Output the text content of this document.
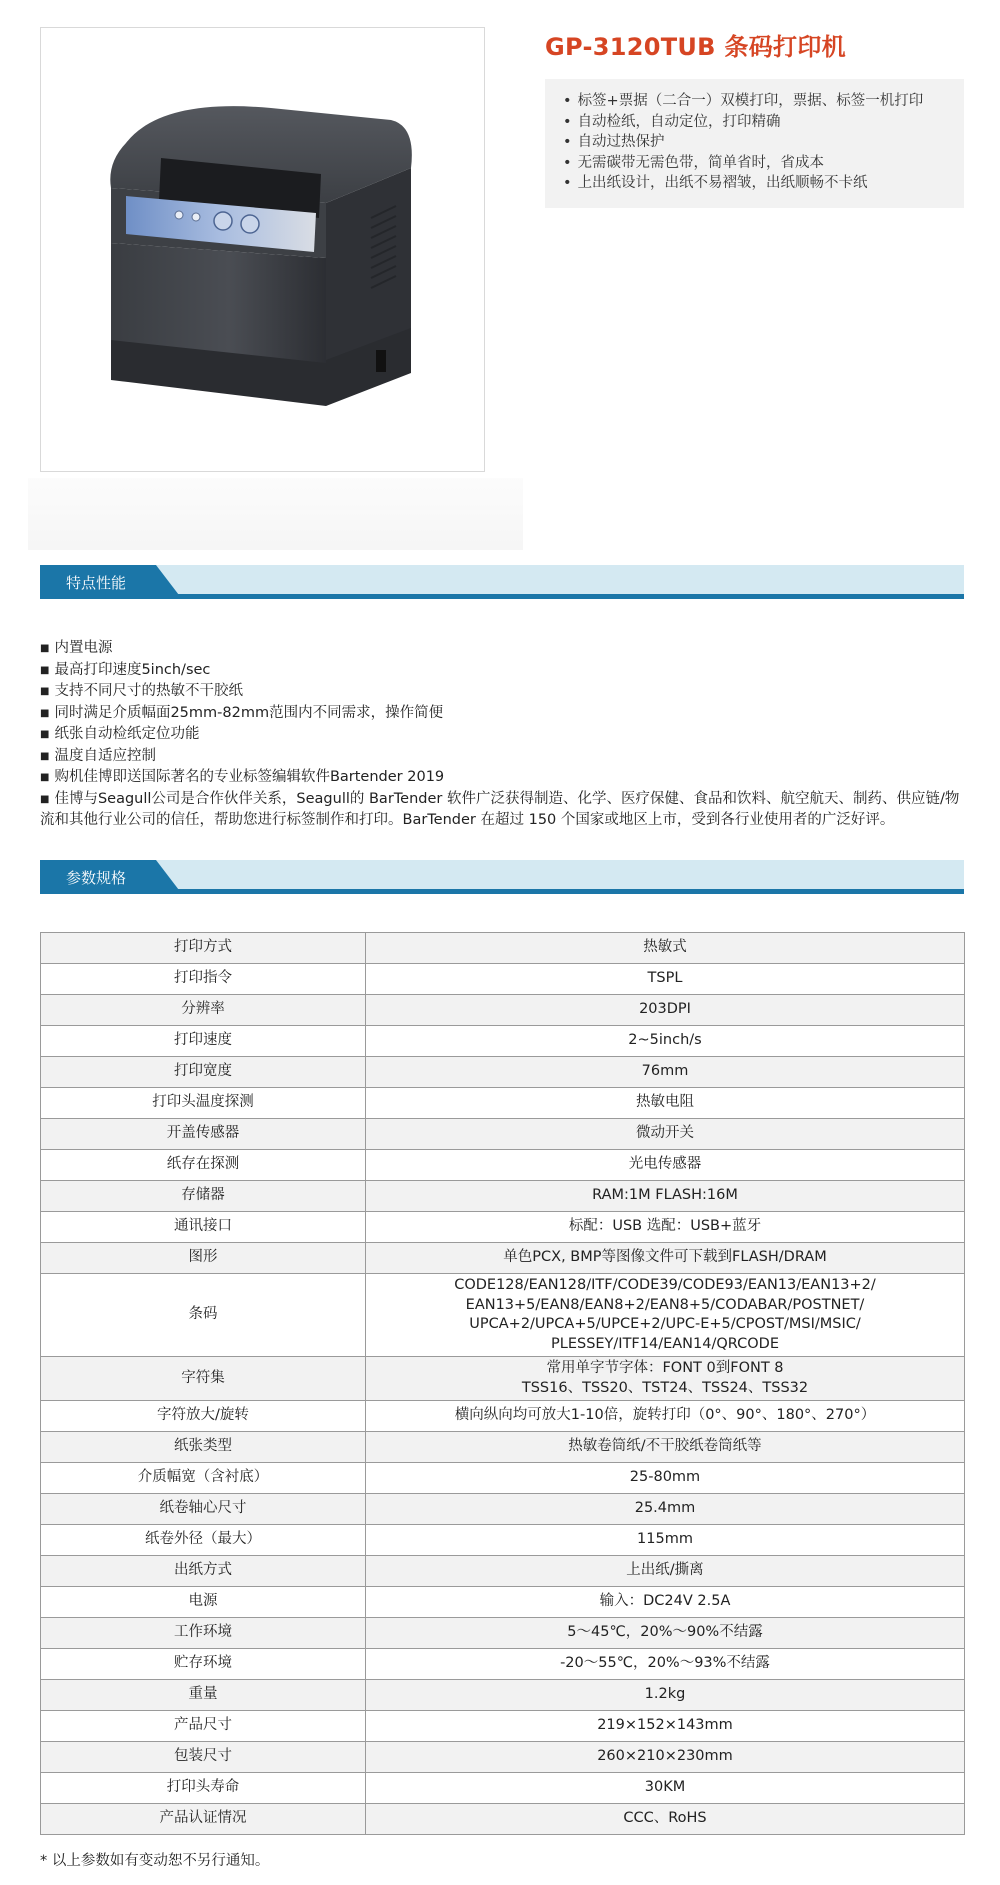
GP-3120TUB 条码打印机
• 标签+票据（二合一）双模打印，票据、标签一机打印
• 自动检纸，自动定位，打印精确
• 自动过热保护
• 无需碳带无需色带，简单省时，省成本
• 上出纸设计，出纸不易褶皱，出纸顺畅不卡纸
特点性能
■ 内置电源
■ 最高打印速度5inch/sec
■ 支持不同尺寸的热敏不干胶纸
■ 同时满足介质幅面25mm-82mm范围内不同需求，操作简便
■ 纸张自动检纸定位功能
■ 温度自适应控制
■ 购机佳博即送国际著名的专业标签编辑软件Bartender 2019
■ 佳博与Seagull公司是合作伙伴关系，Seagull的 BarTender 软件广泛获得制造、化学、医疗保健、食品和饮料、航空航天、制药、供应链/物流和其他行业公司的信任，帮助您进行标签制作和打印。BarTender 在超过 150 个国家或地区上市，受到各行业使用者的广泛好评。
参数规格
打印方式	热敏式
打印指令	TSPL
分辨率	203DPI
打印速度	2~5inch/s
打印宽度	76mm
打印头温度探测	热敏电阻
开盖传感器	微动开关
纸存在探测	光电传感器
存储器	RAM:1M FLASH:16M
通讯接口	标配：USB 选配：USB+蓝牙
图形	单色PCX, BMP等图像文件可下载到FLASH/DRAM
条码	CODE128/EAN128/ITF/CODE39/CODE93/EAN13/EAN13+2/
EAN13+5/EAN8/EAN8+2/EAN8+5/CODABAR/POSTNET/
UPCA+2/UPCA+5/UPCE+2/UPC-E+5/CPOST/MSI/MSIC/
PLESSEY/ITF14/EAN14/QRCODE
字符集	常用单字节字体：FONT 0到FONT 8
TSS16、TSS20、TST24、TSS24、TSS32
字符放大/旋转	横向纵向均可放大1-10倍，旋转打印（0°、90°、180°、270°）
纸张类型	热敏卷筒纸/不干胶纸卷筒纸等
介质幅宽（含衬底）	25-80mm
纸卷轴心尺寸	25.4mm
纸卷外径（最大）	115mm
出纸方式	上出纸/撕离
电源	输入：DC24V 2.5A
工作环境	5～45℃，20%～90%不结露
贮存环境	-20～55℃，20%～93%不结露
重量	1.2kg
产品尺寸	219×152×143mm
包装尺寸	260×210×230mm
打印头寿命	30KM
产品认证情况	CCC、RoHS

* 以上参数如有变动恕不另行通知。
